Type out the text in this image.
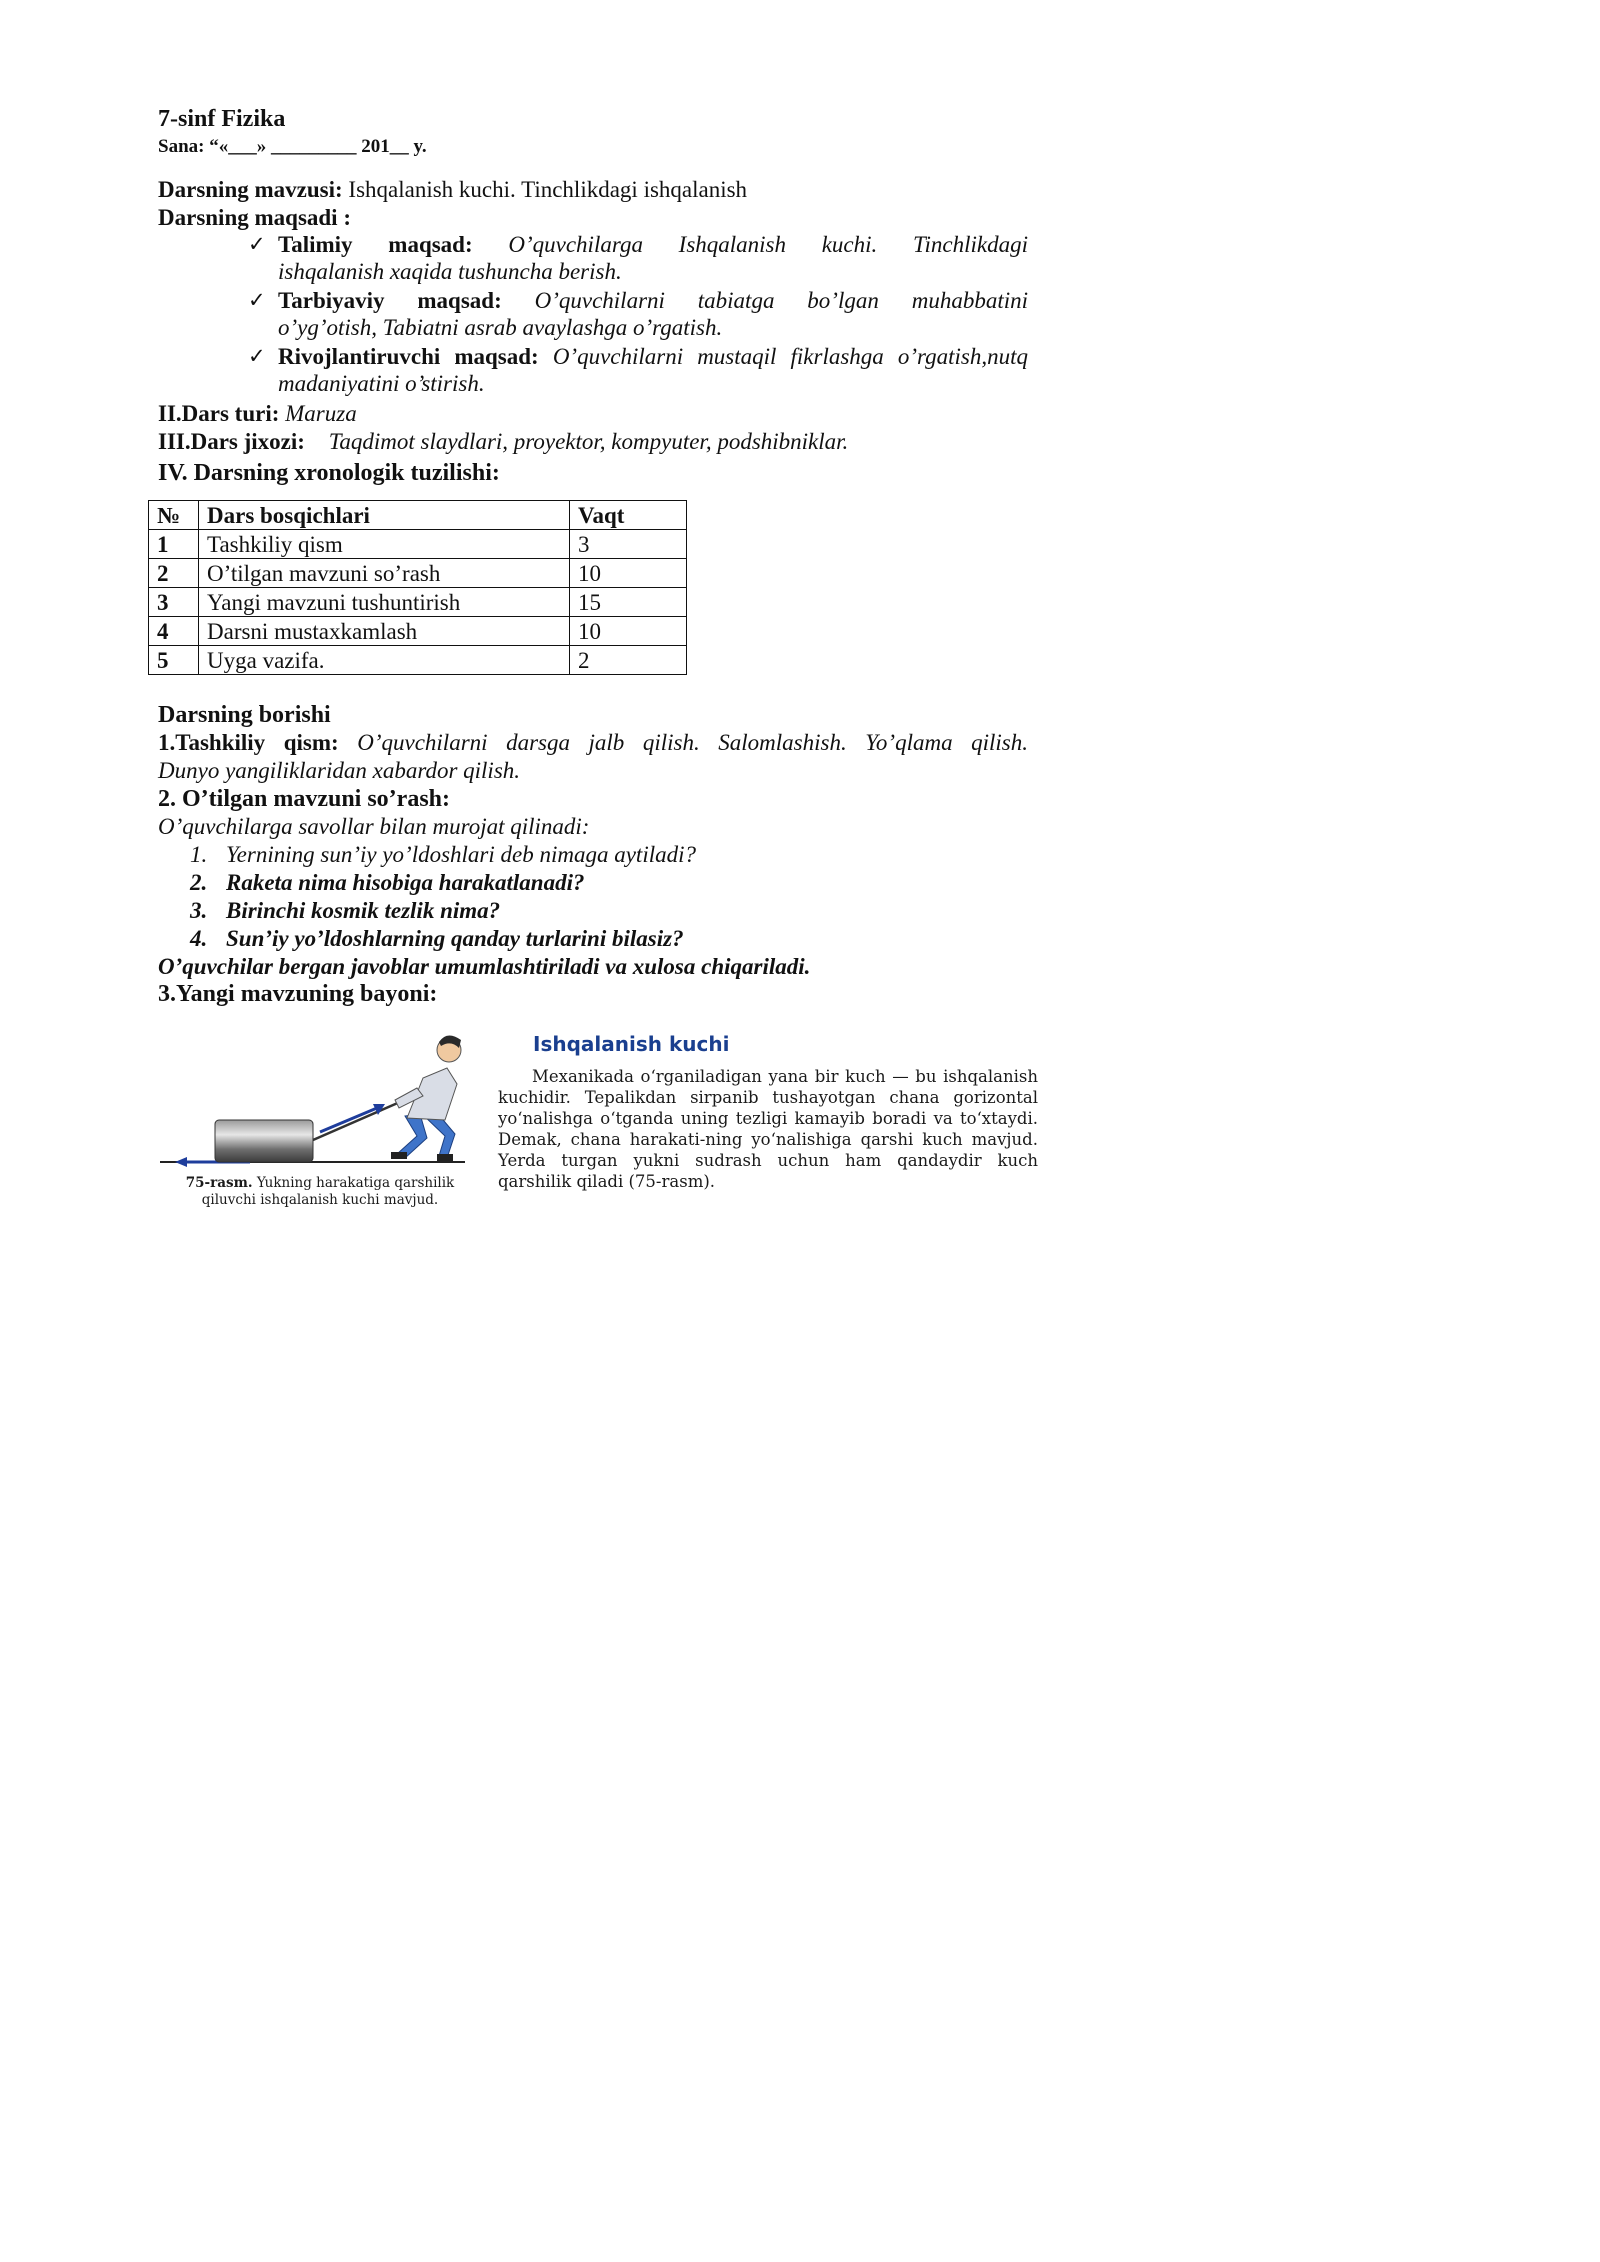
7-sinf Fizika
Sana: “«___» _________ 201__ y.
Darsning mavzusi: Ishqalanish kuchi. Tinchlikdagi ishqalanish
Darsning maqsadi :
✓ Talimiy maqsad: O’quvchilarga Ishqalanish kuchi. Tinchlikdagi
ishqalanish xaqida tushuncha berish.
✓ Tarbiyaviy maqsad: O’quvchilarni tabiatga bo’lgan muhabbatini
o’yg’otish, Tabiatni asrab avaylashga o’rgatish.
✓ Rivojlantiruvchi maqsad: O’quvchilarni mustaqil fikrlashga o’rgatish,nutq
madaniyatini o’stirish.
II.Dars turi: Maruza
III.Dars jixozi: Taqdimot slaydlari, proyektor, kompyuter, podshibniklar.
IV. Darsning xronologik tuzilishi:
№	Dars bosqichlari	Vaqt
1	Tashkiliy qism	3
2	O’tilgan mavzuni so’rash	10
3	Yangi mavzuni tushuntirish	15
4	Darsni mustaxkamlash	10
5	Uyga vazifa.	2
Darsning borishi
1.Tashkiliy qism: O’quvchilarni darsga jalb qilish. Salomlashish. Yo’qlama qilish.
Dunyo yangiliklaridan xabardor qilish.
2. O’tilgan mavzuni so’rash:
O’quvchilarga savollar bilan murojat qilinadi:
1. Yernining sun’iy yo’ldoshlari deb nimaga aytiladi?
2. Raketa nima hisobiga harakatlanadi?
3. Birinchi kosmik tezlik nima?
4. Sun’iy yo’ldoshlarning qanday turlarini bilasiz?
O’quvchilar bergan javoblar umumlashtiriladi va xulosa chiqariladi.
3.Yangi mavzuning bayoni:
75-rasm. Yukning harakatiga qarshilik qiluvchi ishqalanish kuchi mavjud.
Ishqalanish kuchi
Mexanikada o‘rganiladigan yana bir kuch — bu ishqalanish kuchidir. Tepalikdan sirpanib tushayotgan chana gorizontal yo‘nalishga o‘tganda uning tezligi kamayib boradi va to‘xtaydi. Demak, chana harakati-ning yo‘nalishiga qarshi kuch mavjud. Yerda turgan yukni sudrash uchun ham qandaydir kuch qarshilik qiladi (75-rasm).
